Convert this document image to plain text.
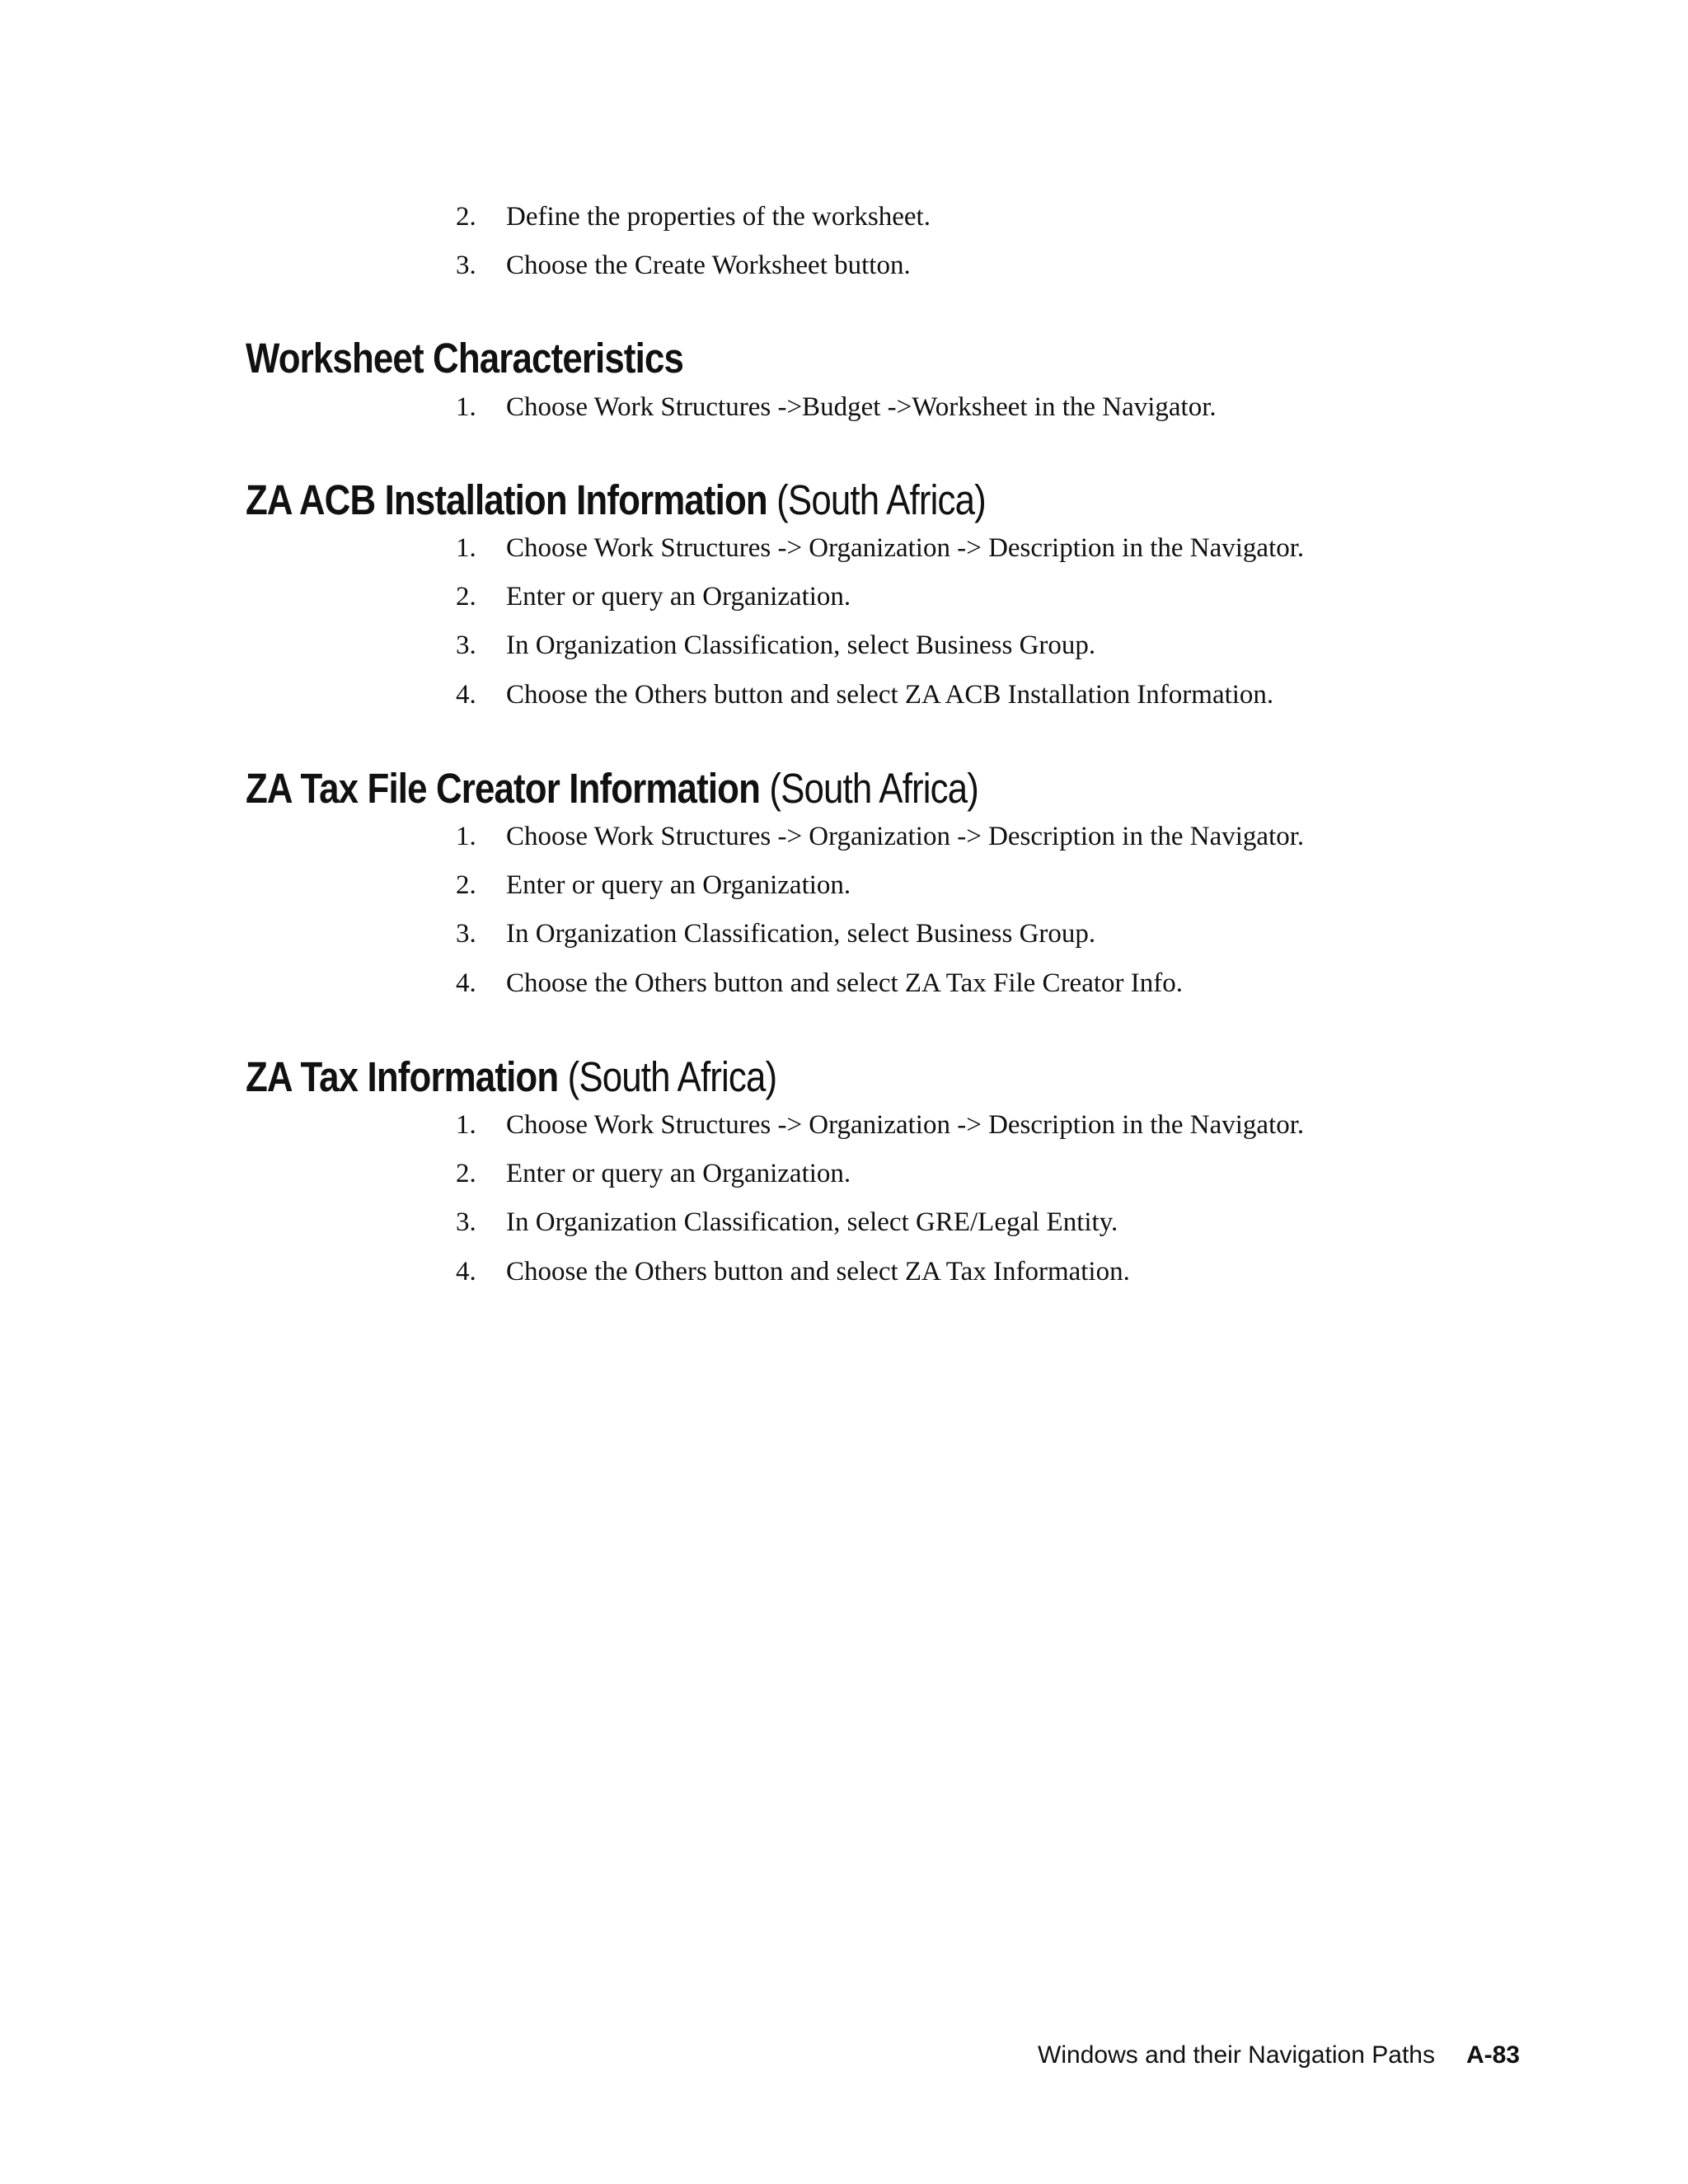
2. Define the properties of the worksheet.
3. Choose the Create Worksheet button.
Worksheet Characteristics
1. Choose Work Structures ->Budget ->Worksheet in the Navigator.
ZA ACB Installation Information (South Africa)
1. Choose Work Structures -> Organization -> Description in the Navigator.
2. Enter or query an Organization.
3. In Organization Classification, select Business Group.
4. Choose the Others button and select ZA ACB Installation Information.
ZA Tax File Creator Information (South Africa)
1. Choose Work Structures -> Organization -> Description in the Navigator.
2. Enter or query an Organization.
3. In Organization Classification, select Business Group.
4. Choose the Others button and select ZA Tax File Creator Info.
ZA Tax Information (South Africa)
1. Choose Work Structures -> Organization -> Description in the Navigator.
2. Enter or query an Organization.
3. In Organization Classification, select GRE/Legal Entity.
4. Choose the Others button and select ZA Tax Information.
Windows and their Navigation Paths A-83
